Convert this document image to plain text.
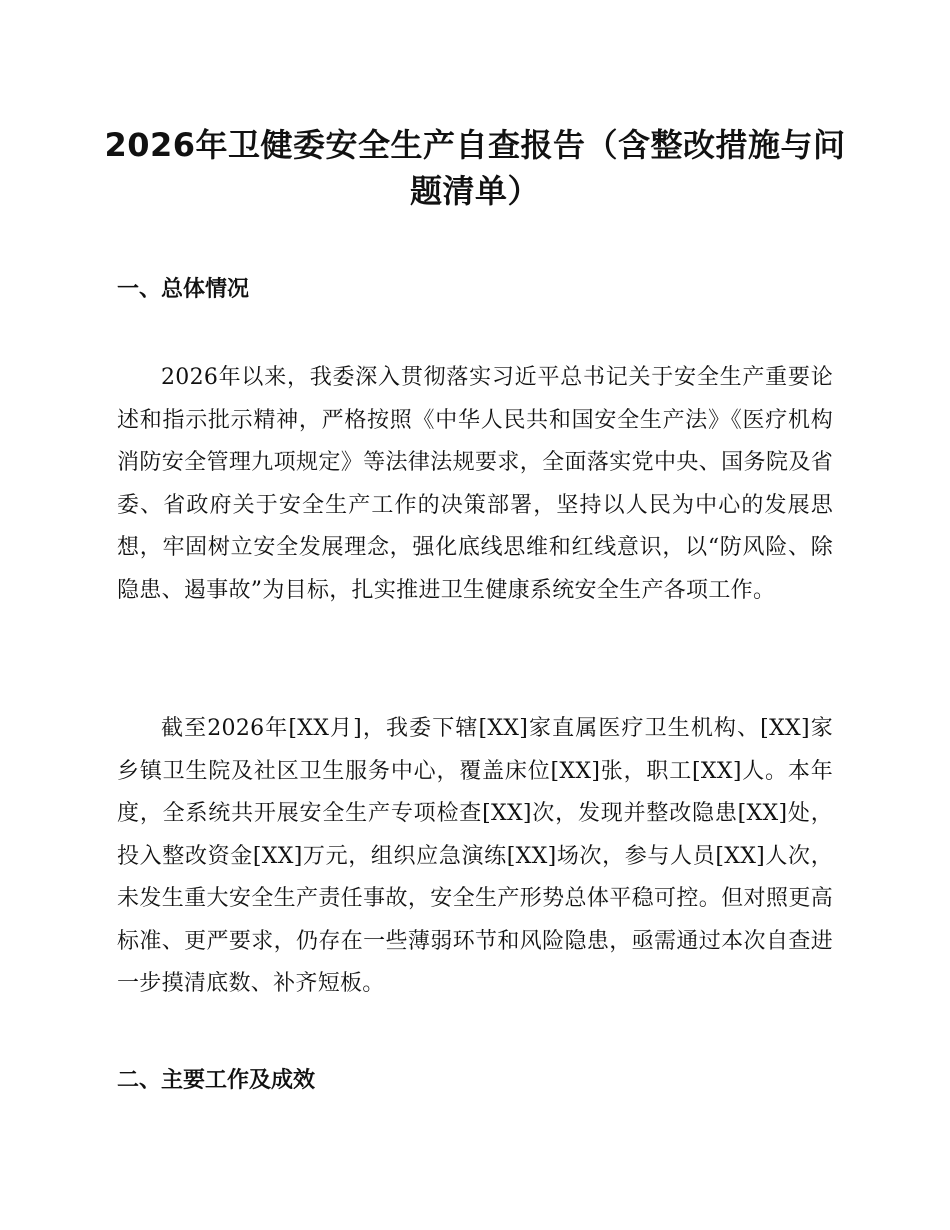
2026年卫健委安全生产自查报告（含整改措施与问题清单）
一、总体情况

2026年以来，我委深入贯彻落实习近平总书记关于安全生产重要论述和指示批示精神，严格按照《中华人民共和国安全生产法》《医疗机构消防安全管理九项规定》等法律法规要求，全面落实党中央、国务院及省委、省政府关于安全生产工作的决策部署，坚持以人民为中心的发展思想，牢固树立安全发展理念，强化底线思维和红线意识，以“防风险、除隐患、遏事故”为目标，扎实推进卫生健康系统安全生产各项工作。

截至2026年[XX月]，我委下辖[XX]家直属医疗卫生机构、[XX]家乡镇卫生院及社区卫生服务中心，覆盖床位[XX]张，职工[XX]人。本年度，全系统共开展安全生产专项检查[XX]次，发现并整改隐患[XX]处，投入整改资金[XX]万元，组织应急演练[XX]场次，参与人员[XX]人次，未发生重大安全生产责任事故，安全生产形势总体平稳可控。但对照更高标准、更严要求，仍存在一些薄弱环节和风险隐患，亟需通过本次自查进一步摸清底数、补齐短板。

二、主要工作及成效
